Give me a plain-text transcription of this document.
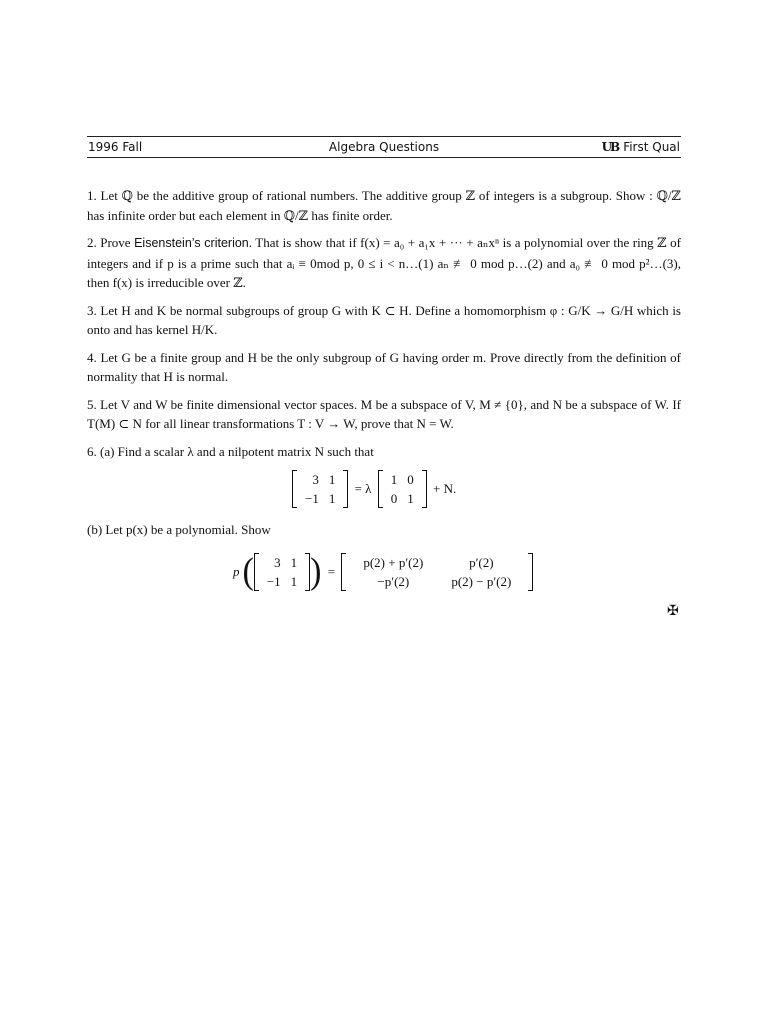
1996 Fall	Algebra Questions	UB First Qual

1. Let ℚ be the additive group of rational numbers. The additive group ℤ of integers is a subgroup. Show : ℚ/ℤ has infinite order but each element in ℚ/ℤ has finite order.

2. Prove Eisenstein’s criterion. That is show that if f(x) = a₀ + a₁x + ··· + aₙxⁿ is a polynomial over the ring ℤ of integers and if p is a prime such that aᵢ ≡ 0mod p, 0 ≤ i < n…(1) aₙ ≢ 0 mod p…(2) and a₀ ≢ 0 mod p²…(3), then f(x) is irreducible over ℤ.

3. Let H and K be normal subgroups of group G with K ⊂ H. Define a homomorphism φ : G/K → G/H which is onto and has kernel H/K.

4. Let G be a finite group and H be the only subgroup of G having order m. Prove directly from the definition of normality that H is normal.

5. Let V and W be finite dimensional vector spaces. M be a subspace of V, M ≠ {0}, and N be a subspace of W. If T(M) ⊂ N for all linear transformations T : V → W, prove that N = W.

6. (a) Find a scalar λ and a nilpotent matrix N such that

3	1
−1	1
= λ
1	0
0	1
+ N.

(b) Let p(x) be a polynomial. Show

p( 3	1
−1	1 ) =
p(2) + p′(2)	p′(2)
−p′(2)	p(2) − p′(2)
✠
